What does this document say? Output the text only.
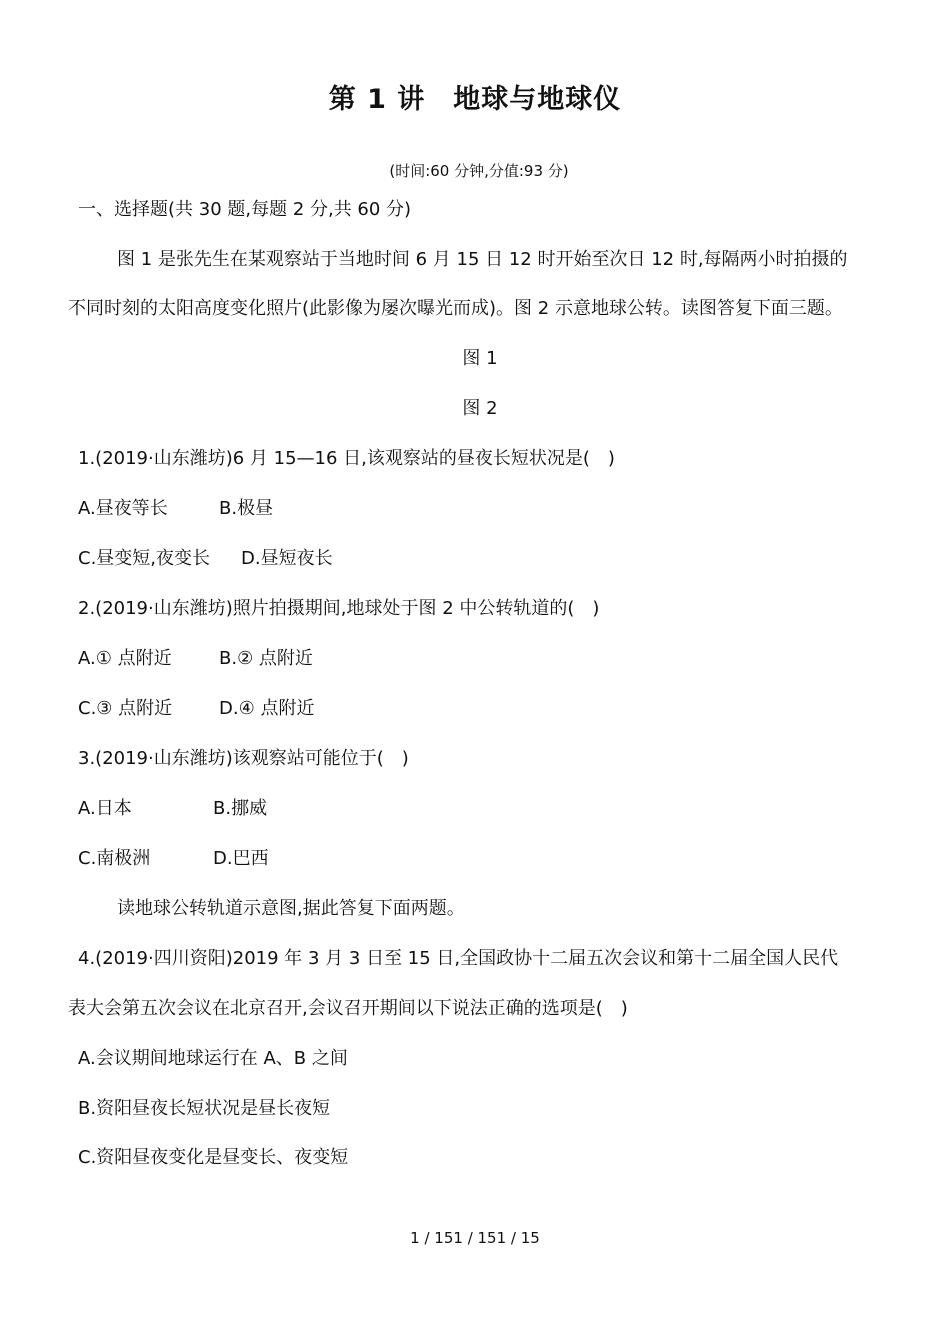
第 1 讲　地球与地球仪
(时间:60 分钟,分值:93 分)
一、选择题(共 30 题,每题 2 分,共 60 分)
图 1 是张先生在某观察站于当地时间 6 月 15 日 12 时开始至次日 12 时,每隔两小时拍摄的
不同时刻的太阳高度变化照片(此影像为屡次曝光而成)。图 2 示意地球公转。读图答复下面三题。
图 1
图 2
1.(2019·山东潍坊)6 月 15—16 日,该观察站的昼夜长短状况是(　)
A.昼夜等长	B.极昼
C.昼变短,夜变长 D.昼短夜长
2.(2019·山东潍坊)照片拍摄期间,地球处于图 2 中公转轨道的(　)
A.① 点附近	B.② 点附近
C.③ 点附近	D.④ 点附近
3.(2019·山东潍坊)该观察站可能位于(　)
A.日本	B.挪威
C.南极洲	D.巴西
读地球公转轨道示意图,据此答复下面两题。
4.(2019·四川资阳)2019 年 3 月 3 日至 15 日,全国政协十二届五次会议和第十二届全国人民代
表大会第五次会议在北京召开,会议召开期间以下说法正确的选项是(　)
A.会议期间地球运行在 A、B 之间
B.资阳昼夜长短状况是昼长夜短
C.资阳昼夜变化是昼变长、夜变短
1 / 151 / 151 / 15
